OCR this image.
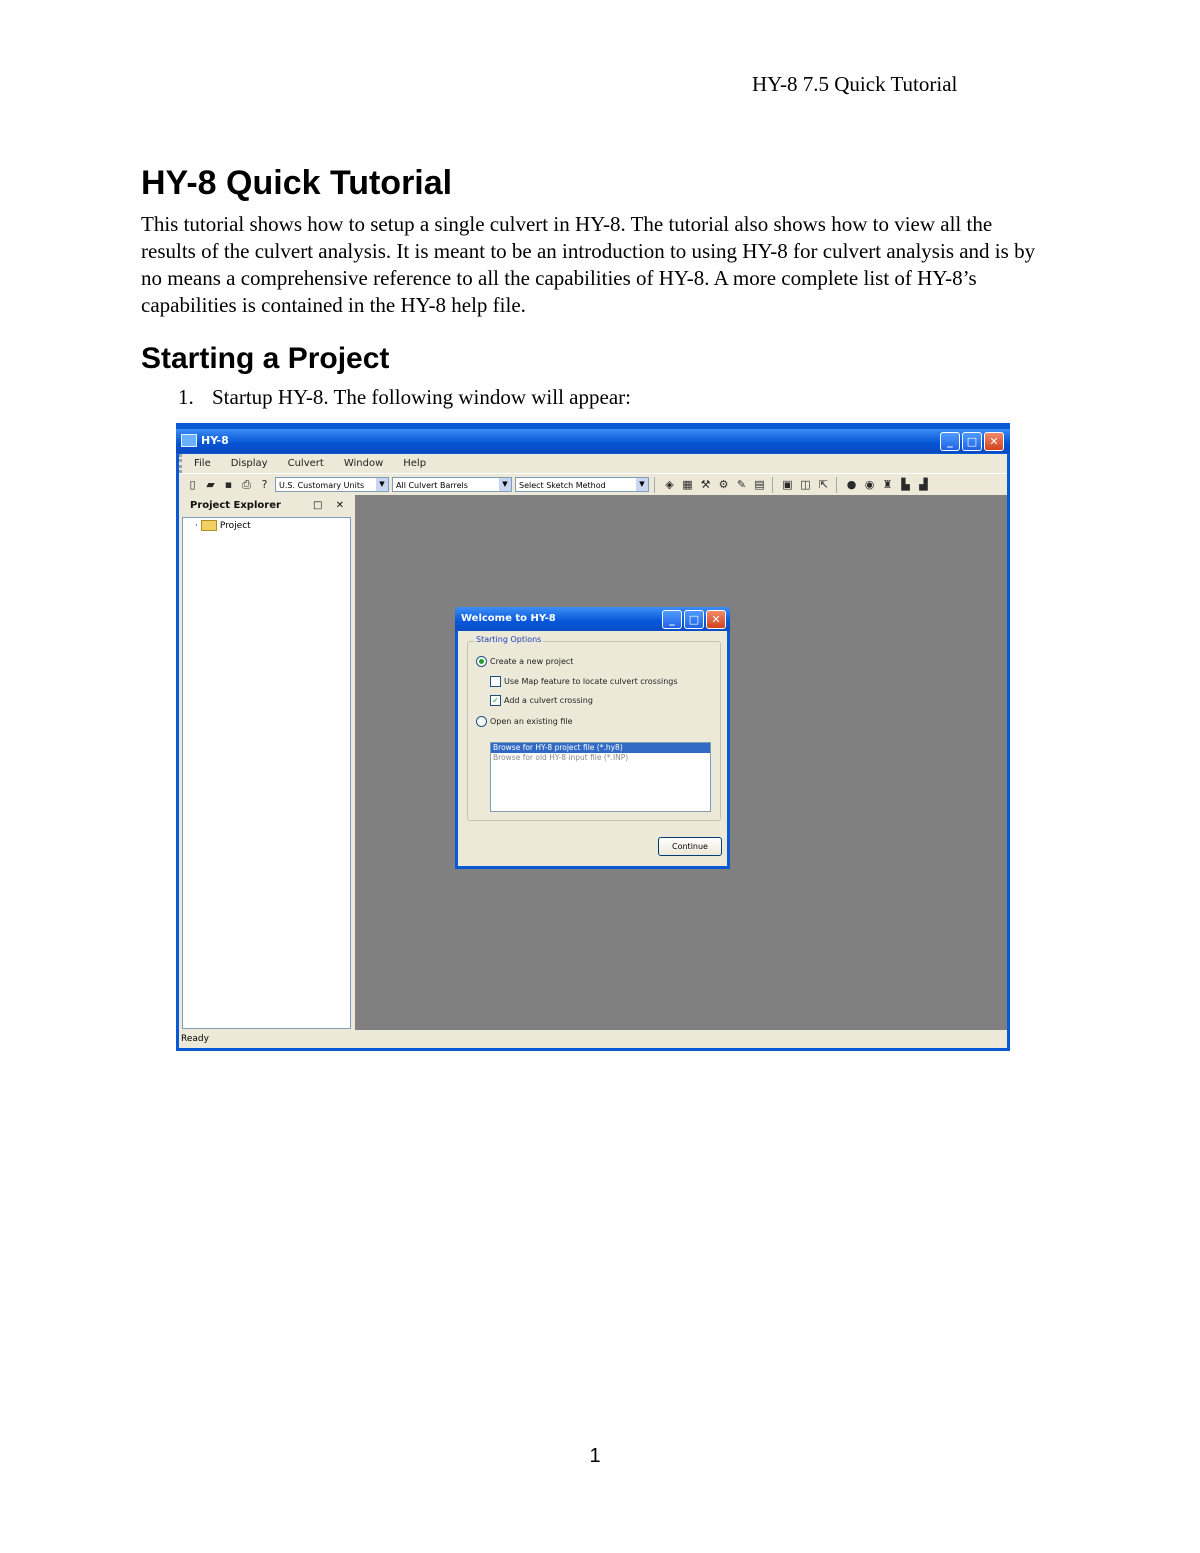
HY-8 7.5 Quick Tutorial
HY-8 Quick Tutorial

This tutorial shows how to setup a single culvert in HY-8. The tutorial also shows how to view all the results of the culvert analysis. It is meant to be an introduction to using HY-8 for culvert analysis and is by no means a comprehensive reference to all the capabilities of HY-8. A more complete list of HY-8’s capabilities is contained in the HY-8 help file.

Starting a Project
1. Startup HY-8. The following window will appear:
HY-8	_	□	✕
File Display Culvert Window Help
▯ ▰ ▪ ⎙ ?	U.S. Customary Units	▼	All Culvert Barrels	▼	Select Sketch Method	▼	◈ ▦ ⚒ ⚙ ✎ ▤ ▣ ◫ ⇱ ● ◉ ♜ ▙ ▟
Project Explorer	□ ✕
· Project
Ready
Welcome to HY-8	_	□	✕
Starting Options
Create a new project
Use Map feature to locate culvert crossings
✓ Add a culvert crossing
Open an existing file
Browse for HY-8 project file (*.hy8)
Browse for old HY-8 input file (*.INP)
Continue
1
